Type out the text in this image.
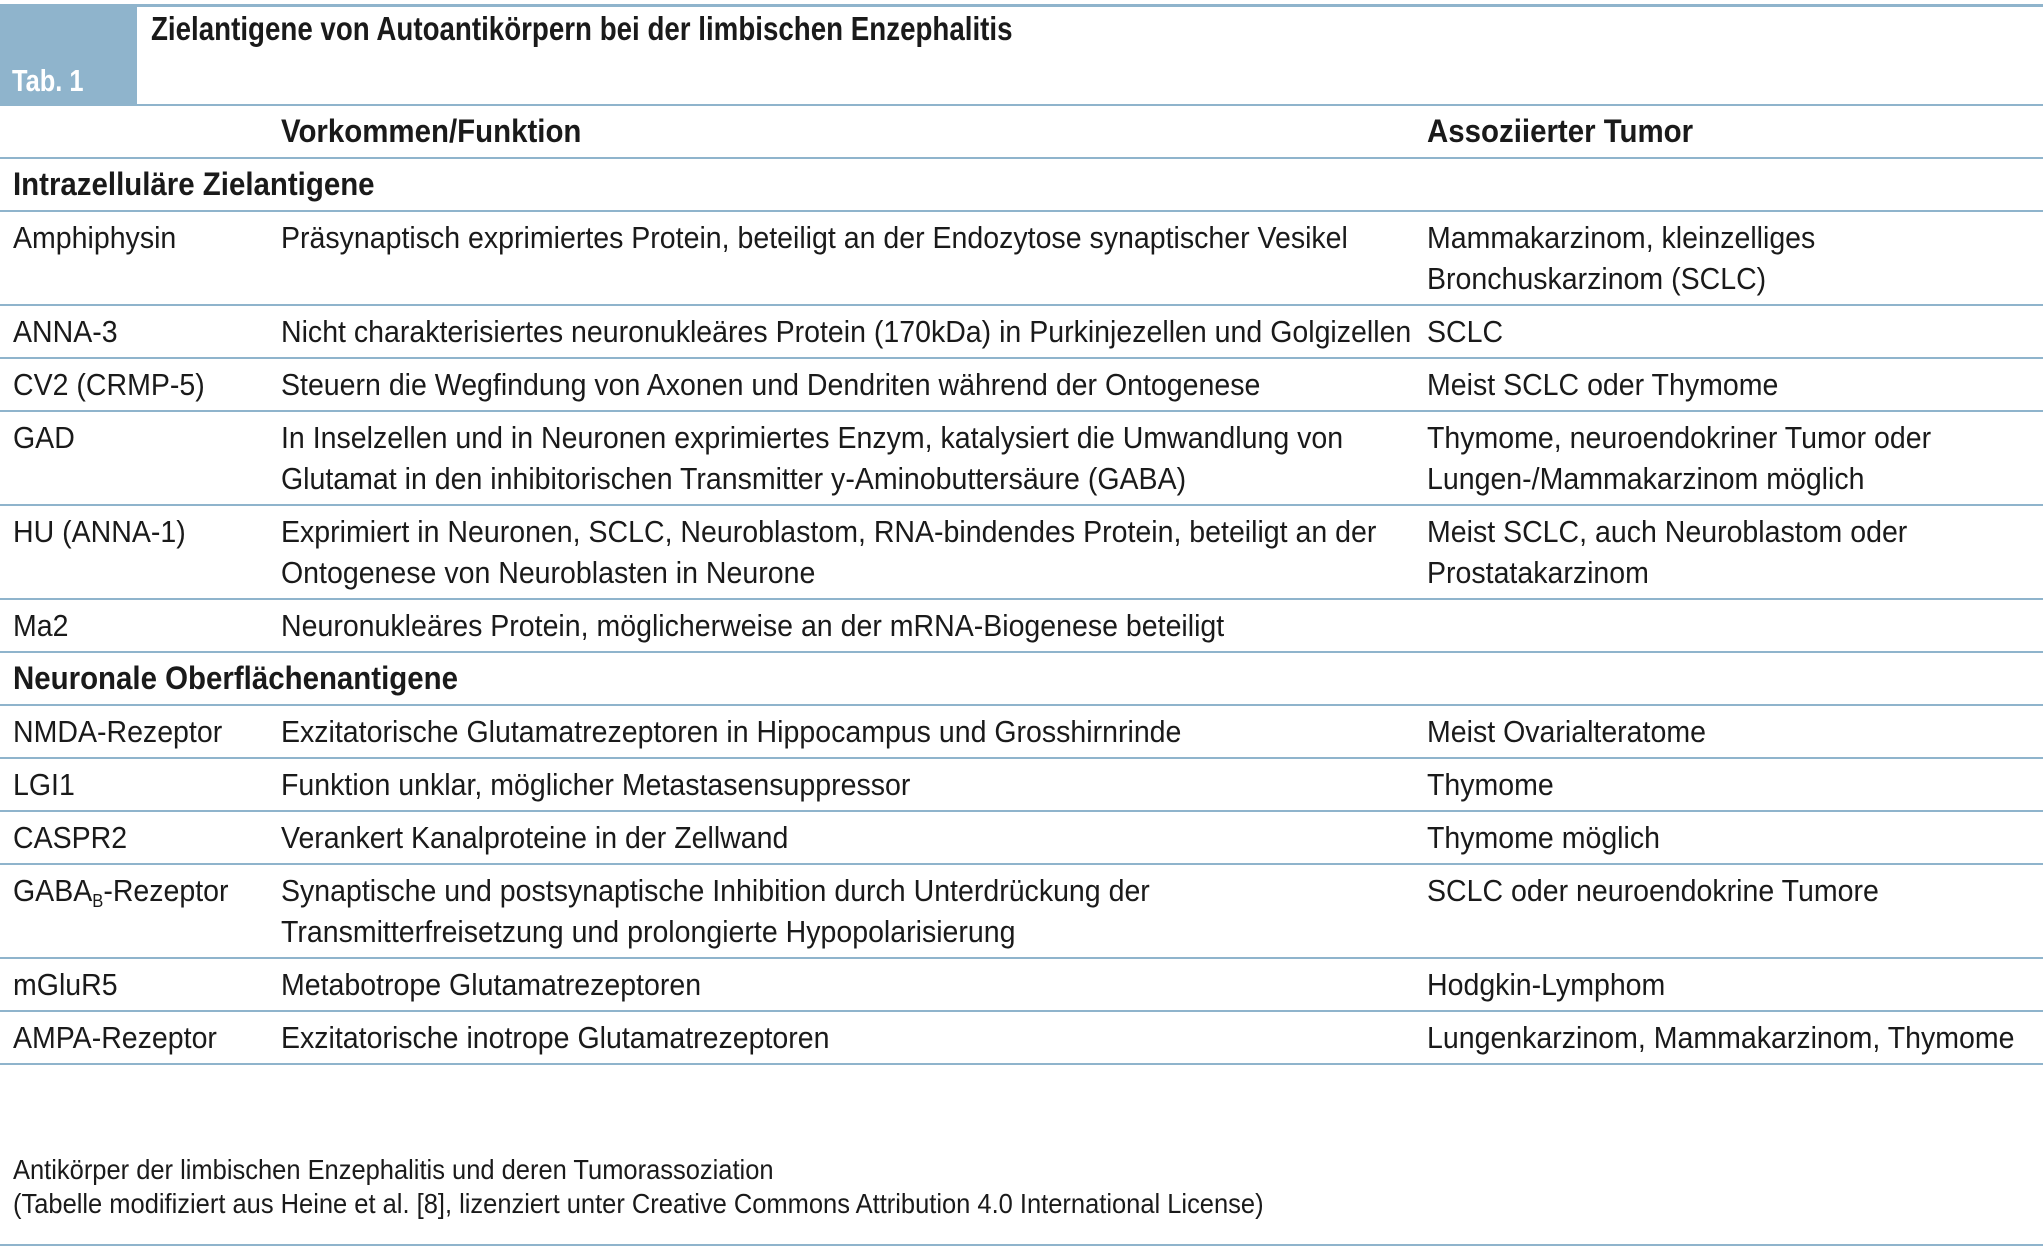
Tab. 1
Zielantigene von Autoantikörpern bei der limbischen Enzephalitis

	Vorkommen/Funktion	Assoziierter Tumor

Intrazelluläre Zielantigene		

Amphiphysin	Präsynaptisch exprimiertes Protein, beteiligt an der Endozytose synaptischer Vesikel	Mammakarzinom, kleinzelliges Bronchuskarzinom (SCLC)

ANNA-3	Nicht charakterisiertes neuronukleäres Protein (170kDa) in Purkinjezellen und Golgizellen	SCLC

CV2 (CRMP-5)	Steuern die Wegfindung von Axonen und Dendriten während der Ontogenese	Meist SCLC oder Thymome

GAD	In Inselzellen und in Neuronen exprimiertes Enzym, katalysiert die Umwandlung von Glutamat in den inhibitorischen Transmitter y-Aminobuttersäure (GABA)	Thymome, neuroendokriner Tumor oder Lungen-/Mammakarzinom möglich

HU (ANNA-1)	Exprimiert in Neuronen, SCLC, Neuroblastom, RNA-bindendes Protein, beteiligt an der Ontogenese von Neuroblasten in Neurone	Meist SCLC, auch Neuroblastom oder Prostatakarzinom

Ma2	Neuronukleäres Protein, möglicherweise an der mRNA-Biogenese beteiligt	

Neuronale Oberflächenantigene		

NMDA-Rezeptor	Exzitatorische Glutamatrezeptoren in Hippocampus und Grosshirnrinde	Meist Ovarialteratome

LGI1	Funktion unklar, möglicher Metastasensuppressor	Thymome

CASPR2	Verankert Kanalproteine in der Zellwand	Thymome möglich

$GABA_B$-Rezeptor	Synaptische und postsynaptische Inhibition durch Unterdrückung der Transmitterfreisetzung und prolongierte Hypopolarisierung	SCLC oder neuroendokrine Tumore

mGluR5	Metabotrope Glutamatrezeptoren	Hodgkin-Lymphom

AMPA-Rezeptor	Exzitatorische inotrope Glutamatrezeptoren	Lungenkarzinom, Mammakarzinom, Thymome
Antikörper der limbischen Enzephalitis und deren Tumorassoziation
(Tabelle modifiziert aus Heine et al. [8], lizenziert unter Creative Commons Attribution 4.0 International License)
